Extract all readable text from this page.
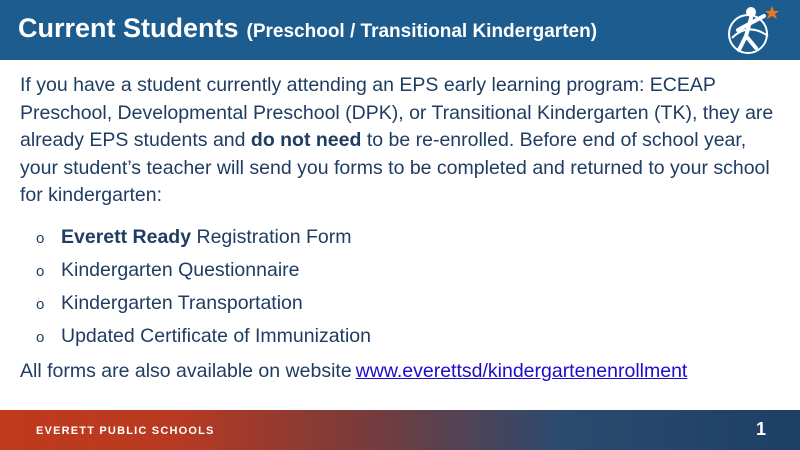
Current Students (Preschool / Transitional Kindergarten)

If you have a student currently attending an EPS early learning program: ECEAP Preschool, Developmental Preschool (DPK), or Transitional Kindergarten (TK), they are already EPS students and do not need to be re-enrolled. Before end of school year, your student’s teacher will send you forms to be completed and returned to your school for kindergarten:

o Everett Ready Registration Form
o Kindergarten Questionnaire
o Kindergarten Transportation
o Updated Certificate of Immunization
All forms are also available on website www.everettsd/kindergartenenrollment
EVERETT PUBLIC SCHOOLS	1
